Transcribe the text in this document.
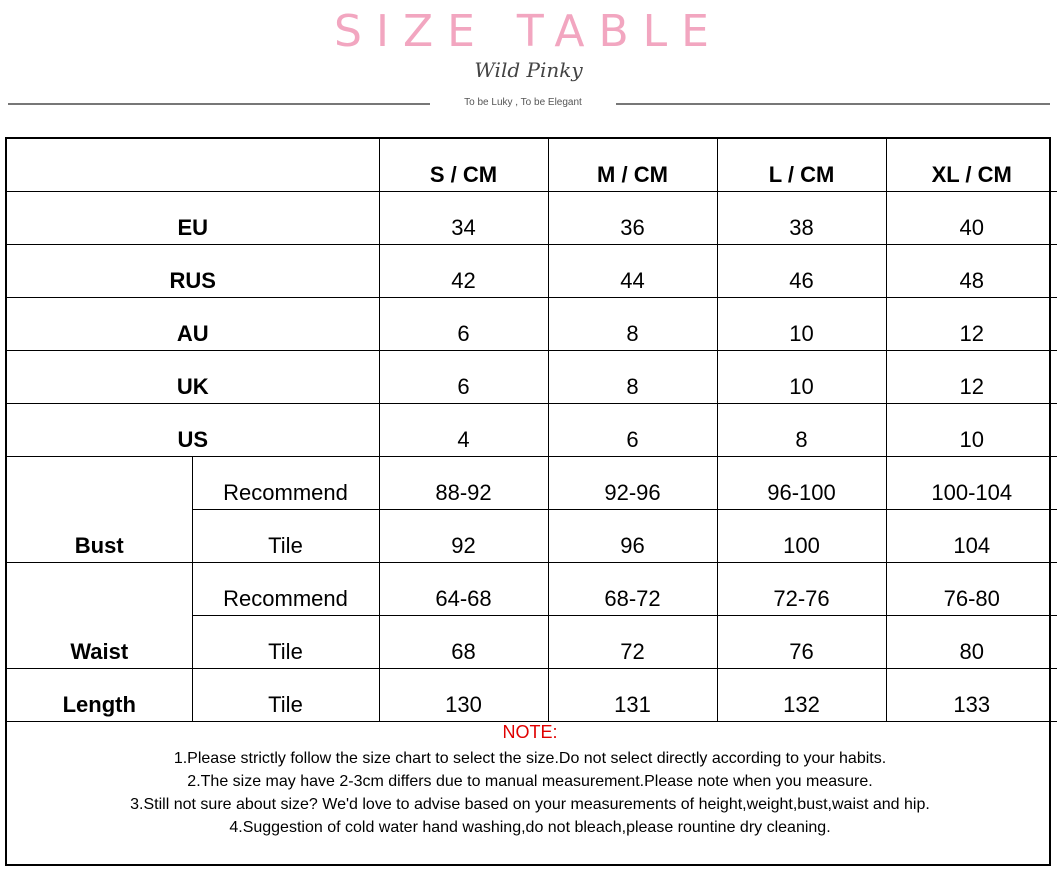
SIZE TABLE
Wild Pinky
To be Luky , To be Elegant
		S / CM	M / CM	L / CM	XL / CM
EU		34	36	38	40
RUS		42	44	46	48
AU		6	8	10	12
UK		6	8	10	12
US		4	6	8	10
Bust	Recommend	88-92	92-96	96-100	100-104
	Tile	92	96	100	104
Waist	Recommend	64-68	68-72	72-76	76-80
	Tile	68	72	76	80
Length	Tile	130	131	132	133
NOTE:
1.Please strictly follow the size chart to select the size.Do not select directly according to your habits.
2.The size may have 2-3cm differs due to manual measurement.Please note when you measure.
3.Still not sure about size? We'd love to advise based on your measurements of height,weight,bust,waist and hip.
4.Suggestion of cold water hand washing,do not bleach,please rountine dry cleaning.
